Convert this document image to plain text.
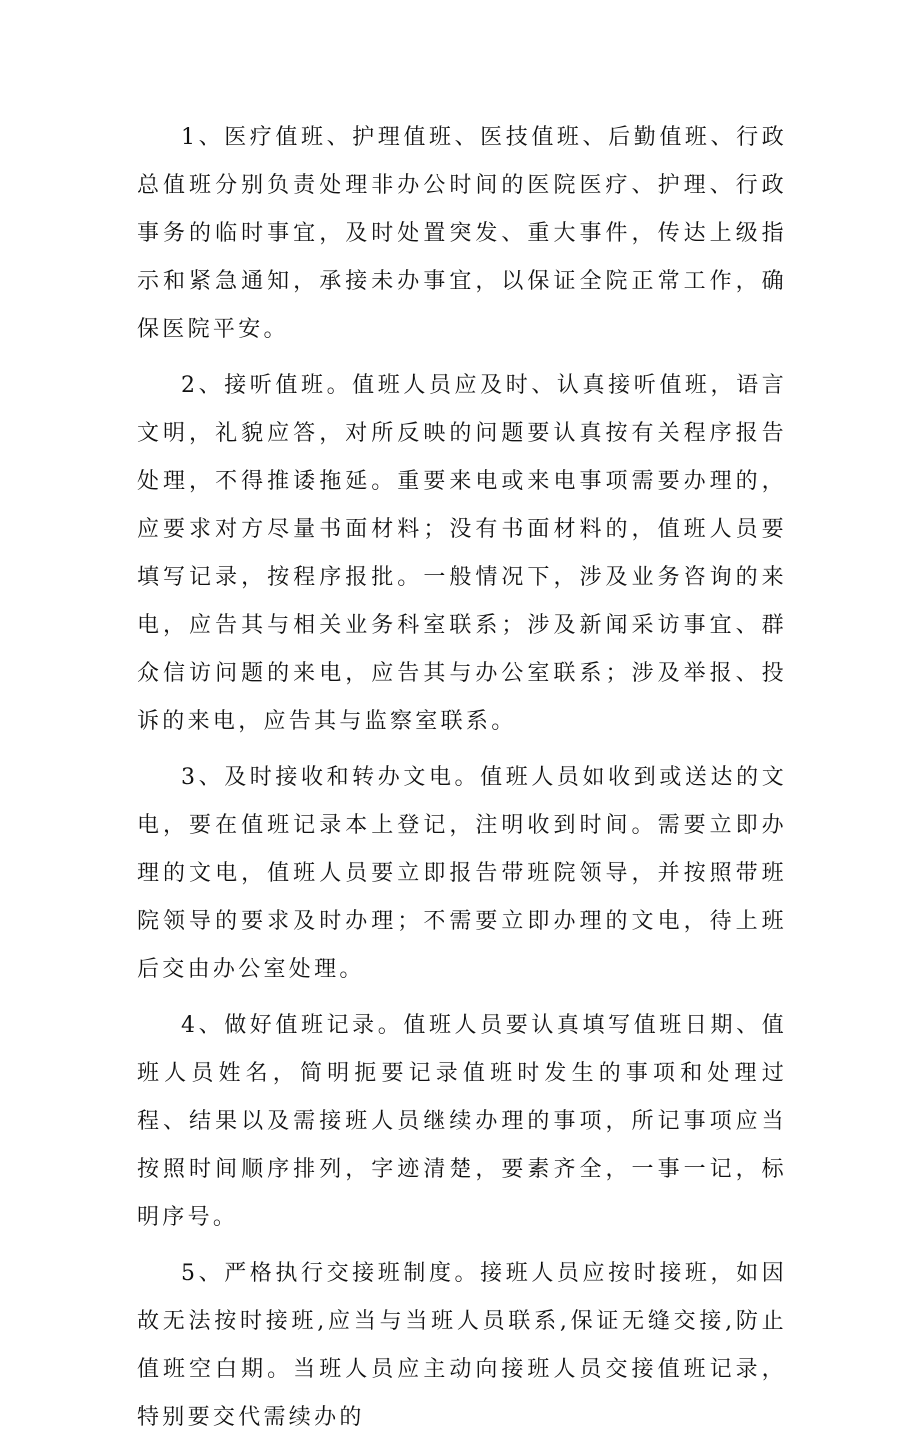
1、医疗值班、护理值班、医技值班、后勤值班、行政总值班分别负责处理非办公时间的医院医疗、护理、行政事务的临时事宜，及时处置突发、重大事件，传达上级指示和紧急通知，承接未办事宜，以保证全院正常工作，确保医院平安。

2、接听值班。值班人员应及时、认真接听值班，语言文明，礼貌应答，对所反映的问题要认真按有关程序报告处理，不得推诿拖延。重要来电或来电事项需要办理的，应要求对方尽量书面材料；没有书面材料的，值班人员要填写记录，按程序报批。一般情况下，涉及业务咨询的来电，应告其与相关业务科室联系；涉及新闻采访事宜、群众信访问题的来电，应告其与办公室联系；涉及举报、投诉的来电，应告其与监察室联系。

3、及时接收和转办文电。值班人员如收到或送达的文电，要在值班记录本上登记，注明收到时间。需要立即办理的文电，值班人员要立即报告带班院领导，并按照带班院领导的要求及时办理；不需要立即办理的文电，待上班后交由办公室处理。

4、做好值班记录。值班人员要认真填写值班日期、值班人员姓名，简明扼要记录值班时发生的事项和处理过程、结果以及需接班人员继续办理的事项，所记事项应当按照时间顺序排列，字迹清楚，要素齐全，一事一记，标明序号。

5、严格执行交接班制度。接班人员应按时接班，如因故无法按时接班,应当与当班人员联系,保证无缝交接,防止值班空白期。当班人员应主动向接班人员交接值班记录，特别要交代需续办的
